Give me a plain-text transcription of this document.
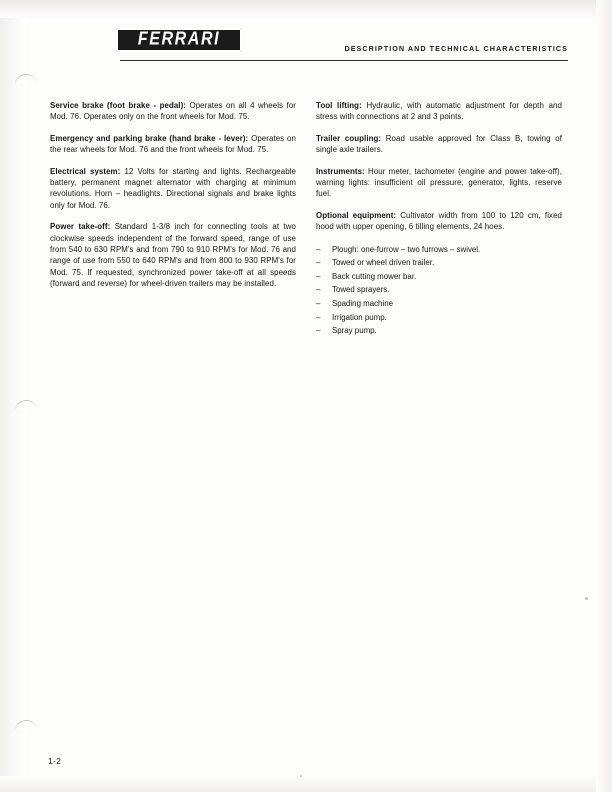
FERRARI	DESCRIPTION AND TECHNICAL CHARACTERISTICS

Service brake (foot brake - pedal): Operates on all 4 wheels for Mod. 76. Operates only on the front wheels for Mod. 75.

Emergency and parking brake (hand brake - lever): Operates on the rear wheels for Mod. 76 and the front wheels for Mod. 75.

Electrical system: 12 Volts for starting and lights. Rechargeable battery, permanent magnet alternator with charging at minimum revolutions. Horn – headlights. Directional signals and brake lights only for Mod. 76.

Power take-off: Standard 1-3/8 inch for connecting tools at two clockwise speeds independent of the forward speed, range of use from 540 to 630 RPM's and from 790 to 910 RPM's for Mod. 76 and range of use from 550 to 640 RPM's and from 800 to 930 RPM's for Mod. 75. If requested, synchronized power take-off at all speeds (forward and reverse) for wheel-driven trailers may be installed.

Tool lifting: Hydraulic, with automatic adjustment for depth and stress with connections at 2 and 3 points.

Trailer coupling: Road usable approved for Class B, towing of single axle trailers.

Instruments: Hour meter, tachometer (engine and power take-off), warning lights: insufficient oil pressure, generator, lights, reserve fuel.

Optional equipment: Cultivator width from 100 to 120 cm, fixed hood with upper opening, 6 tilling elements, 24 hoes.

– Plough: one-furrow – two furrows – swivel.
– Towed or wheel driven trailer.
– Back cutting mower bar.
– Towed sprayers.
– Spading machine
– Irrigation pump.
– Spray pump.
1-2
